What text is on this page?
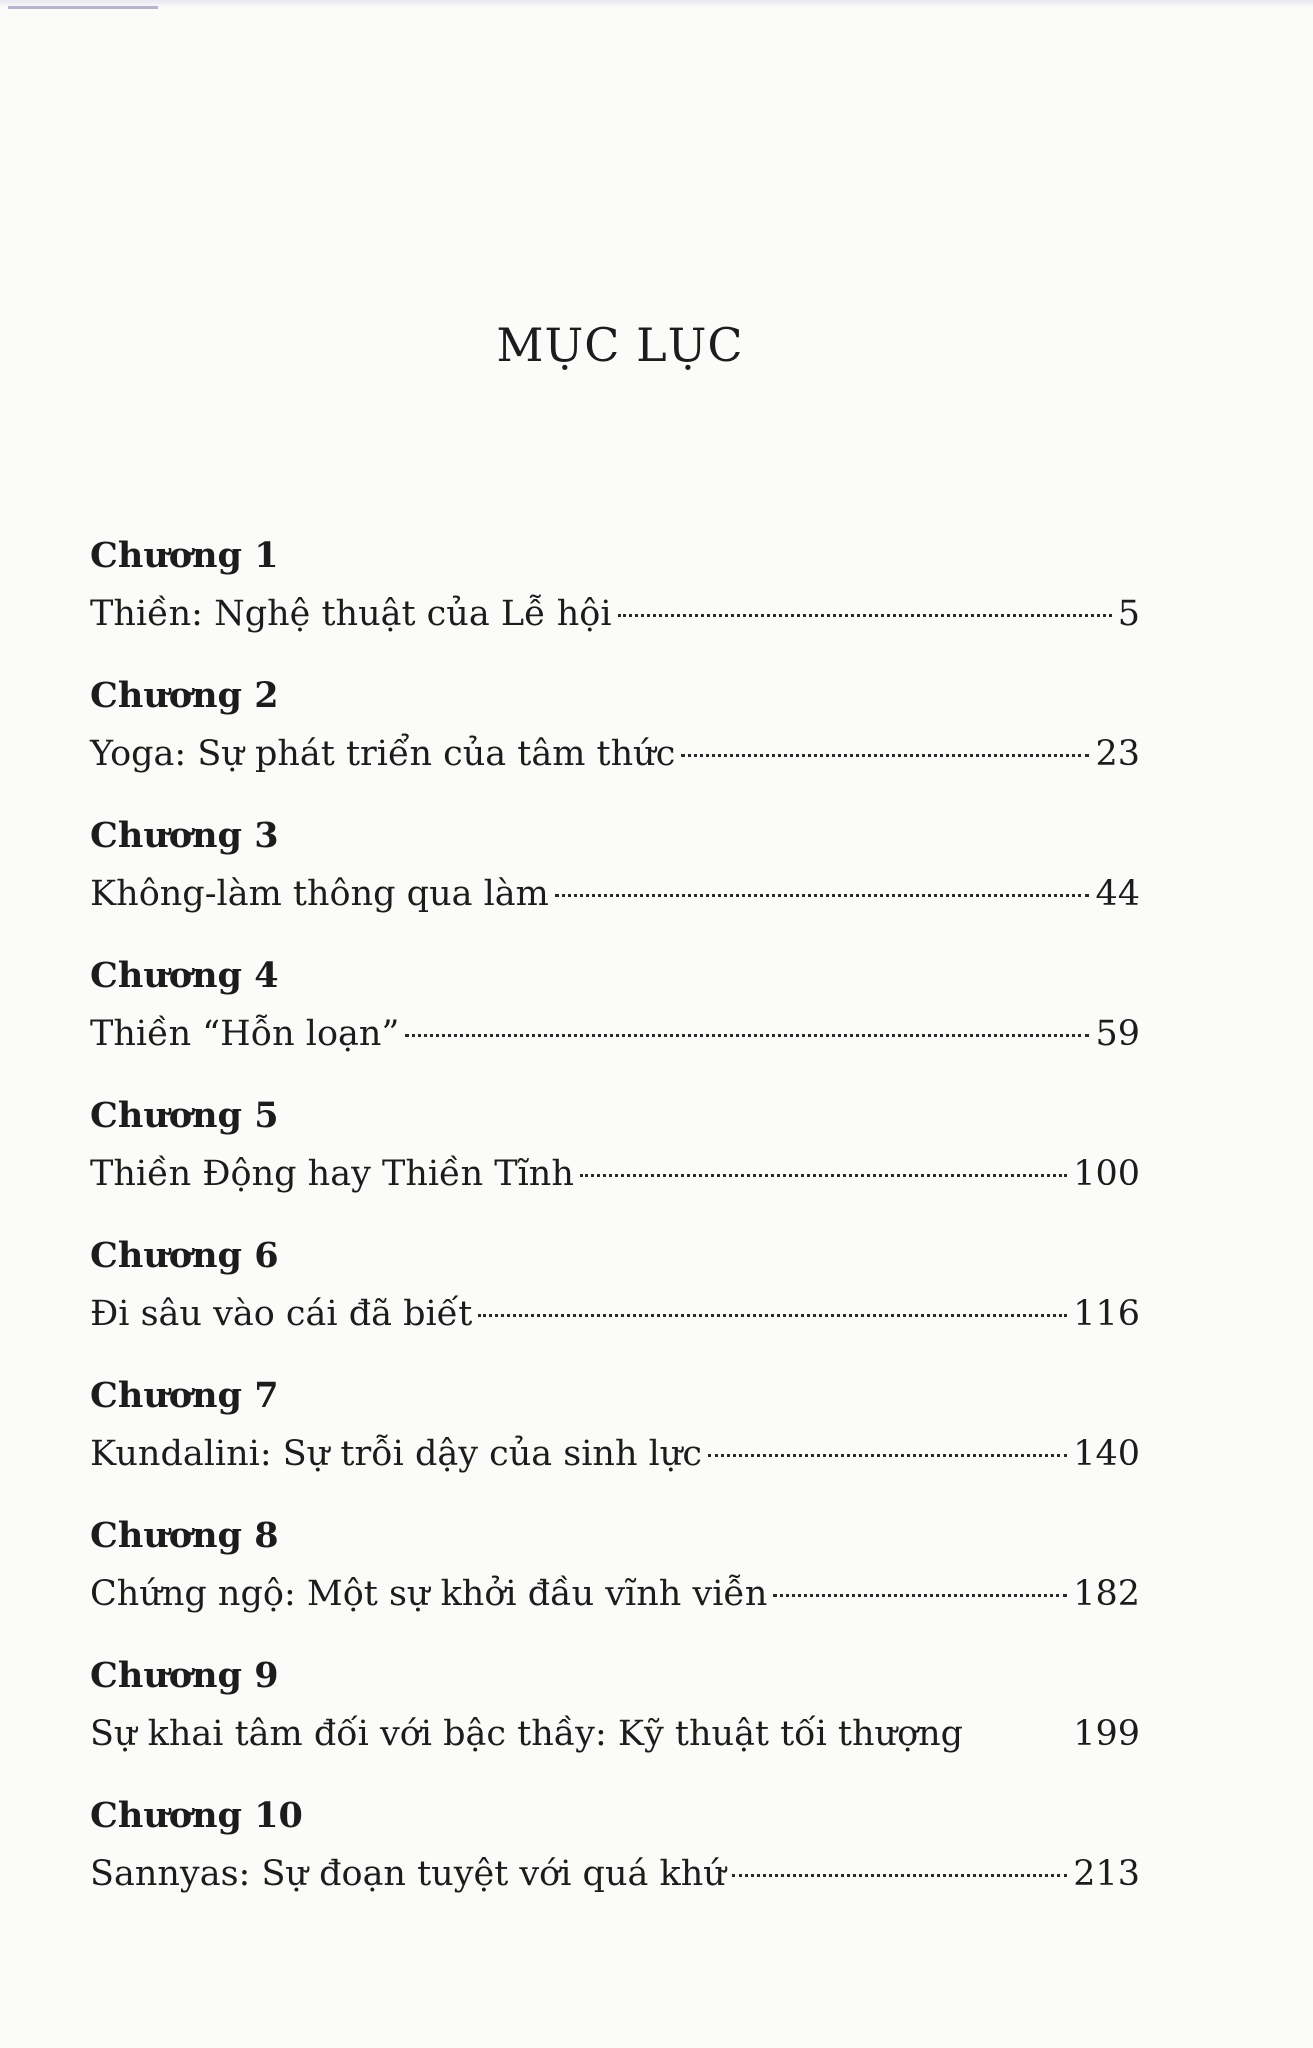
MỤC LỤC
Chương 1
Thiền: Nghệ thuật của Lễ hội	5
Chương 2
Yoga: Sự phát triển của tâm thức	23
Chương 3
Không-làm thông qua làm	44
Chương 4
Thiền “Hỗn loạn”	59
Chương 5
Thiền Động hay Thiền Tĩnh	100
Chương 6
Đi sâu vào cái đã biết	116
Chương 7
Kundalini: Sự trỗi dậy của sinh lực	140
Chương 8
Chứng ngộ: Một sự khởi đầu vĩnh viễn	182
Chương 9
Sự khai tâm đối với bậc thầy: Kỹ thuật tối thượng	199
Chương 10
Sannyas: Sự đoạn tuyệt với quá khứ	213
